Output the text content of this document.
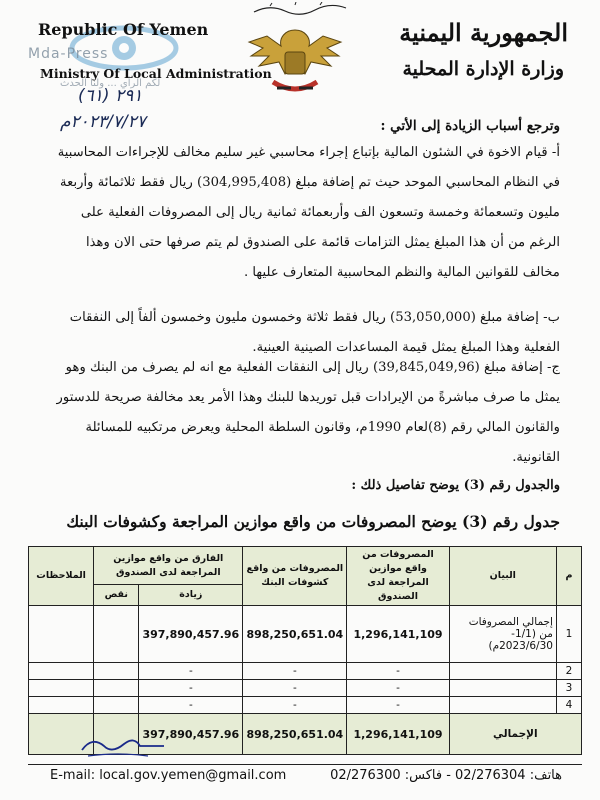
Mda-Press
لكم الرأي ... ولنا الحدث
Republic Of Yemen
Ministry Of Local Administration
الجمهورية اليمنية
وزارة الإدارة المحلية
(٦١) ٢٩١
٢٠٢٣/٧/٢٧م	وترجع أسباب الزيادة إلى الأتي :
أ- قيام الاخوة في الشئون المالية بإتباع إجراء محاسبي غير سليم مخالف للإجراءات المحاسبية في النظام المحاسبي الموحد حيث تم إضافة مبلغ (304,995,408) ريال فقط ثلاثمائة وأربعة مليون وتسعمائة وخمسة وتسعون الف وأربعمائة ثمانية ريال إلى المصروفات الفعلية على الرغم من أن هذا المبلغ يمثل التزامات قائمة على الصندوق لم يتم صرفها حتى الان وهذا مخالف للقوانين المالية والنظم المحاسبية المتعارف عليها .
ب- إضافة مبلغ (53,050,000) ريال فقط ثلاثة وخمسون مليون وخمسون ألفاً إلى النفقات الفعلية وهذا المبلغ يمثل قيمة المساعدات الصينية العينية.
ج- إضافة مبلغ (39,845,049,96) ريال إلى النفقات الفعلية مع انه لم يصرف من البنك وهو يمثل ما صرف مباشرةً من الإيرادات قبل توريدها للبنك وهذا الأمر يعد مخالفة صريحة للدستور والقانون المالي رقم (8)لعام 1990م، وقانون السلطة المحلية ويعرض مرتكبيه للمسائلة القانونية.
والجدول رقم (3) يوضح تفاصيل ذلك :
جدول رقم (3) يوضح المصروفات من واقع موازين المراجعة وكشوفات البنك
م	البيان	المصروفات من واقع موازين المراجعة لدى الصندوق	المصروفات من واقع كشوفات البنك	الفارق من واقع موازين المراجعة لدى الصندوق		الملاحظات
				زيادة	نقص	
1	إجمالي المصروفات من (1/1- 2023/6/30م)	1,296,141,109	898,250,651.04	397,890,457.96		
2		-	-	-		
3		-	-	-		
4		-	-	-		
الإجمالي		1,296,141,109	898,250,651.04	397,890,457.96		
E-mail: local.gov.yemen@gmail.com	هاتف: 02/276304 - فاكس: 02/276300
